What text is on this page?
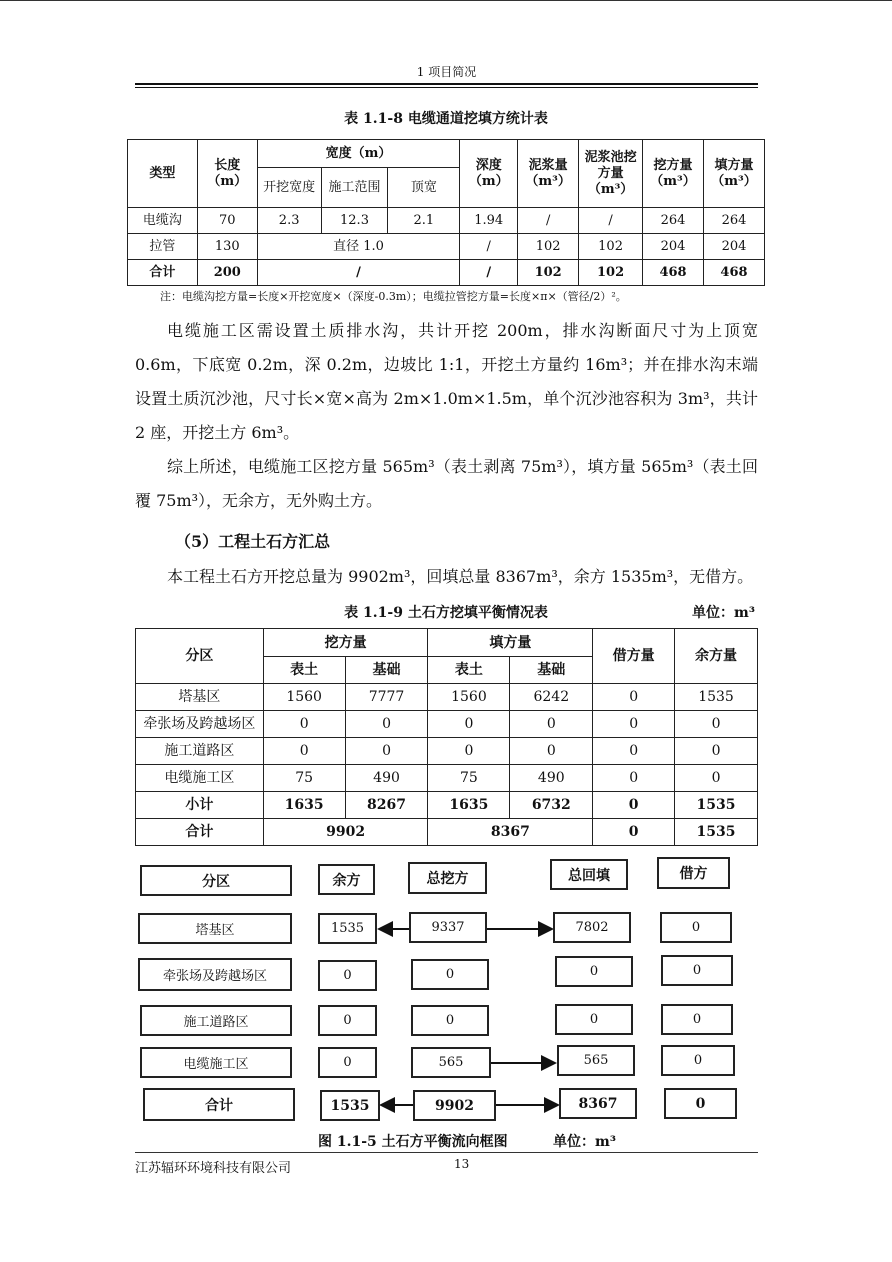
1 项目简况
表 1.1-8 电缆通道挖填方统计表
类型	长度（m）	宽度（m）			深度（m）	泥浆量（m³）	泥浆池挖方量（m³）	挖方量（m³）	填方量（m³）
		开挖宽度	施工范围	顶宽					
电缆沟	70	2.3	12.3	2.1	1.94	/	/	264	264
拉管	130	直径 1.0			/	102	102	204	204
合计	200	/			/	102	102	468	468
注：电缆沟挖方量=长度×开挖宽度×（深度-0.3m）；电缆拉管挖方量=长度×π×（管径/2）²。

电缆施工区需设置土质排水沟，共计开挖 200m，排水沟断面尺寸为上顶宽 0.6m，下底宽 0.2m，深 0.2m，边坡比 1:1，开挖土方量约 16m³；并在排水沟末端设置土质沉沙池，尺寸长×宽×高为 2m×1.0m×1.5m，单个沉沙池容积为 3m³，共计 2 座，开挖土方 6m³。

综上所述，电缆施工区挖方量 565m³（表土剥离 75m³），填方量 565m³（表土回覆 75m³），无余方，无外购土方。

（5）工程土石方汇总

本工程土石方开挖总量为 9902m³，回填总量 8367m³，余方 1535m³，无借方。

表 1.1-9 土石方挖填平衡情况表	单位：m³
分区	挖方量		填方量		借方量	余方量
	表土	基础	表土	基础		
塔基区	1560	7777	1560	6242	0	1535
牵张场及跨越场区	0	0	0	0	0	0
施工道路区	0	0	0	0	0	0
电缆施工区	75	490	75	490	0	0
小计	1635	8267	1635	6732	0	1535
合计	9902		8367		0	1535
分区	余方	总挖方	总回填	借方
塔基区	1535	9337	7802	0
牵张场及跨越场区	0	0	0	0
施工道路区	0	0	0	0
电缆施工区	0	565	565	0
合计	1535	9902	8367	0
图 1.1-5 土石方平衡流向框图	单位：m³
江苏辐环环境科技有限公司	13
